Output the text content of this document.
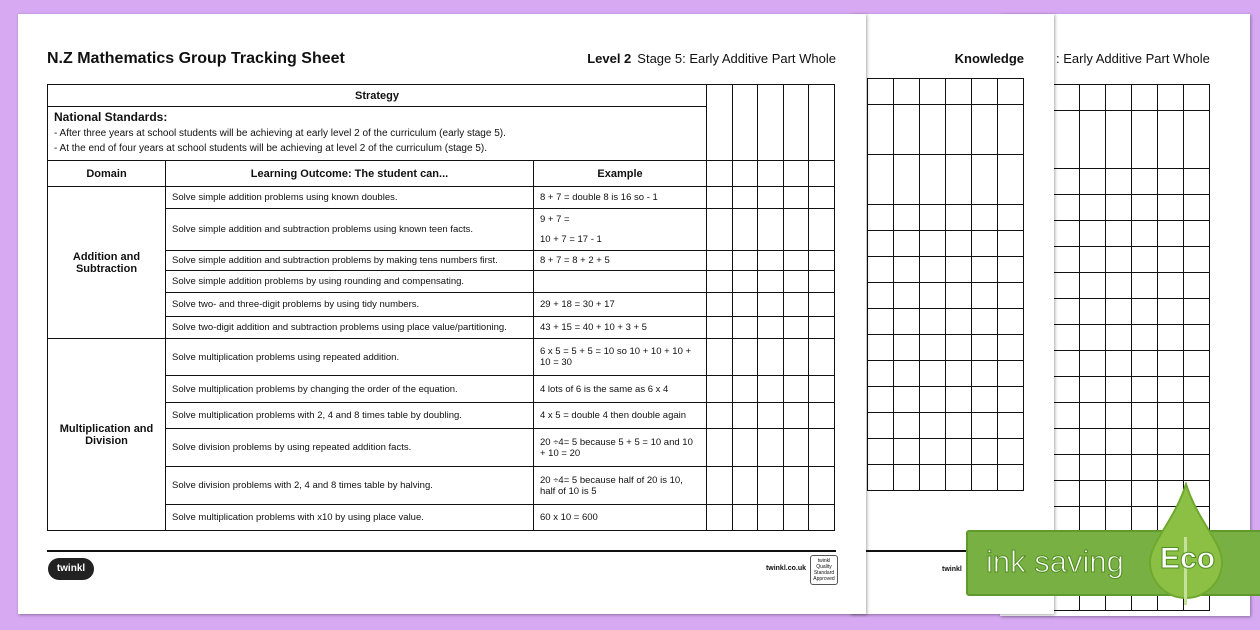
: Early Additive Part Whole
Knowledge
twinkl
N.Z Mathematics Group Tracking Sheet	Level 2 Stage 5: Early Additive Part Whole
Strategy							
National Standards:
- After three years at school students will be achieving at early level 2 of the curriculum (early stage 5).
- At the end of four years at school students will be achieving at level 2 of the curriculum (stage 5).							

Domain	Learning Outcome: The student can...	Example					
Addition and Subtraction	Solve simple addition problems using known doubles.	8 + 7 = double 8 is 16 so - 1					
	Solve simple addition and subtraction problems using known teen facts.	9 + 7 =
10 + 7 = 17 - 1					
	Solve simple addition and subtraction problems by making tens numbers first.	8 + 7 = 8 + 2 + 5					
	Solve simple addition problems by using rounding and compensating.						
	Solve two- and three-digit problems by using tidy numbers.	29 + 18 = 30 + 17					
	Solve two-digit addition and subtraction problems using place value/partitioning.	43 + 15 = 40 + 10 + 3 + 5					
Multiplication and Division	Solve multiplication problems using repeated addition.	6 x 5 = 5 + 5 = 10 so 10 + 10 + 10 + 10 = 30					
	Solve multiplication problems by changing the order of the equation.	4 lots of 6 is the same as 6 x 4					
	Solve multiplication problems with 2, 4 and 8 times table by doubling.	4 x 5 = double 4 then double again					
	Solve division problems by using repeated addition facts.	20 ÷4= 5 because 5 + 5 = 10 and 10 + 10 = 20					
	Solve division problems with 2, 4 and 8 times table by halving.	20 ÷4= 5 because half of 20 is 10, half of 10 is 5					
	Solve multiplication problems with x10 by using place value.	60 x 10 = 600					
twinkl	twinkl.co.uk
twinkl Quality Standard Approved	ink saving Eco
